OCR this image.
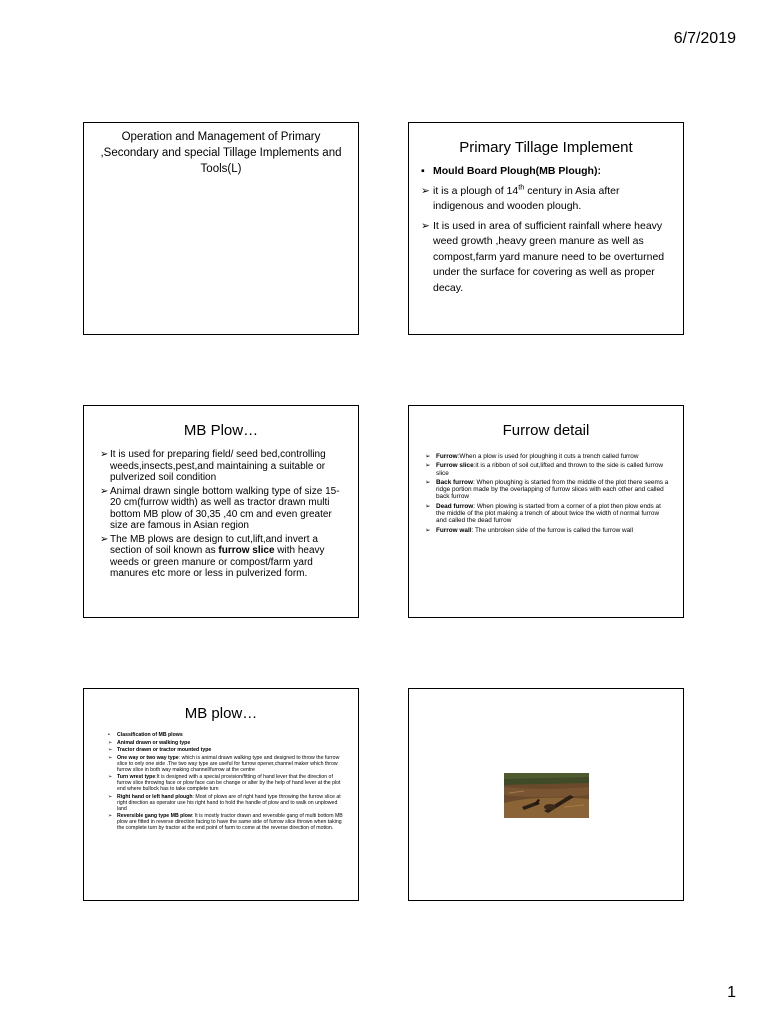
6/7/2019
Operation and Management of Primary ,Secondary and special Tillage Implements and Tools(L)
Primary Tillage Implement
▪ Mould Board Plough(MB Plough):
➢ it is a plough of 14th century in Asia after indigenous and wooden plough.
➢ It is used in area of sufficient rainfall where heavy weed growth ,heavy green manure as well as compost,farm yard manure need to be overturned under the surface for covering as well as proper decay.
MB Plow…
➢ It is used for preparing field/ seed bed,controlling weeds,insects,pest,and maintaining a suitable or pulverized soil condition
➢ Animal drawn single bottom walking type of size 15-20 cm(furrow width) as well as tractor drawn multi bottom MB plow of 30,35 ,40 cm and even greater size are famous in Asian region
➢ The MB plows are design to cut,lift,and invert a section of soil known as furrow slice with heavy weeds or green manure or compost/farm yard manures etc more or less in pulverized form.
Furrow detail
➢ Furrow:When a plow is used for ploughing it cuts a trench called furrow
➢ Furrow slice:it is a ribbon of soil cut,lifted and thrown to the side is called furrow slice
➢ Back furrow: When ploughing is started from the middle of the plot there seems a ridge portion made by the overlapping of furrow slices with each other and called back furrow
➢ Dead furrow: When plowing is started from a corner of a plot then plow ends at the middle of the plot making a trench of about twice the width of normal furrow and called the dead furrow
➢ Furrow wall: The unbroken side of the furrow is called the furrow wall
MB plow…
• Classification of MB plows
➢ Animal drawn or walking type
➢ Tractor drawn or tractor mounted type
➢ One way or two way type: which is animal drawn walking type and designed to throw the furrow slice to only one side .The two way type are useful for furrow opener,channel maker which throw furrow slice in both way making channel/furrow at the centre
➢ Turn wrest type:It is designed with a special provision/fitting of hand lever that the direction of furrow slice throwing face or plow face can be change or alter by the help of hand lever at the plot end where bullock has to take complete turn
➢ Right hand or left hand plough: Most of plows are of right hand type throwing the furrow slice at right direction as operator use his right hand to hold the handle of plow and to walk on unplowed land
➢ Reversible gang type MB plow: It is mostly tractor drawn and reversible gang of multi bottom MB plow are fitted in reverse direction facing to have the same side of furrow slice thrown when taking the complete turn by tractor at the end point of farm to come at the reverse direction of motion.
1
